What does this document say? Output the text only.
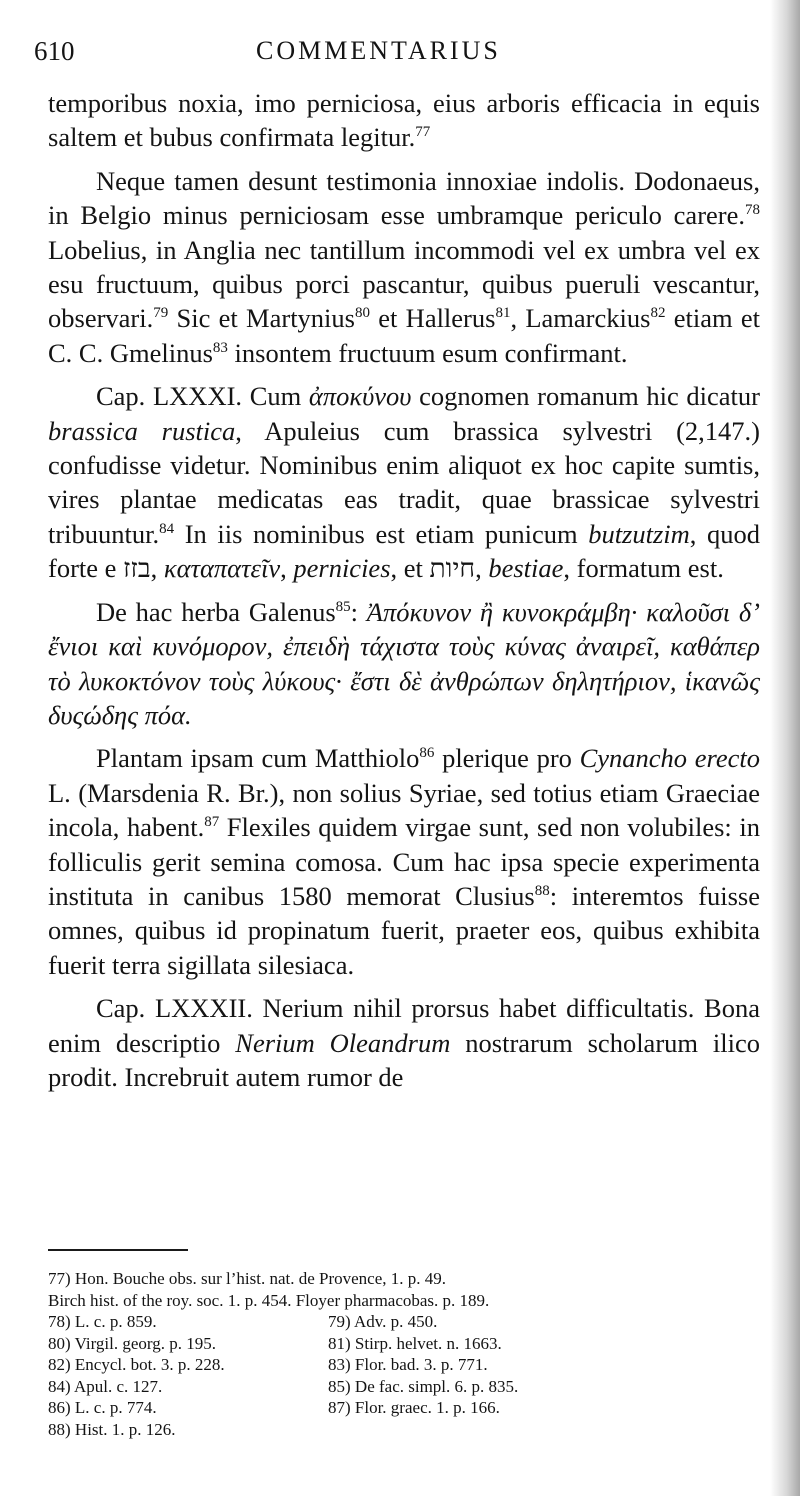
610	COMMENTARIUS

temporibus noxia, imo perniciosa, eius arboris efficacia in equis saltem et bubus confirmata legitur.$^{77}$

Neque tamen desunt testimonia innoxiae indolis. Dodonaeus, in Belgio minus perniciosam esse umbramque periculo carere.$^{78}$ Lobelius, in Anglia nec tantillum incommodi vel ex umbra vel ex esu fructuum, quibus porci pascantur, quibus pueruli vescantur, observari.$^{79}$ Sic et Martynius$^{80}$ et Hallerus$^{81}$, Lamarckius$^{82}$ etiam et C. C. Gmelinus$^{83}$ insontem fructuum esum confirmant.

Cap. LXXXI. Cum ἀποκύνου cognomen romanum hic dicatur brassica rustica, Apuleius cum brassica sylvestri (2,147.) confudisse videtur. Nominibus enim aliquot ex hoc capite sumtis, vires plantae medicatas eas tradit, quae brassicae sylvestri tribuuntur.$^{84}$ In iis nominibus est etiam punicum butzutzim, quod forte e בזז, καταπατεῖν, pernicies, et חיות, bestiae, formatum est.

De hac herba Galenus$^{85}$: Ἀπόκυνον ἢ κυνοκράμβη· καλοῦσι δ’ ἔνιοι καὶ κυνόμορον, ἐπειδὴ τάχιστα τοὺς κύνας ἀναιρεῖ, καθάπερ τὸ λυκοκτόνον τοὺς λύκους· ἔστι δὲ ἀνθρώπων δηλητήριον, ἱκανῶς δυςώδης πόα.

Plantam ipsam cum Matthiolo$^{86}$ plerique pro Cynancho erecto L. (Marsdenia R. Br.), non solius Syriae, sed totius etiam Graeciae incola, habent.$^{87}$ Flexiles quidem virgae sunt, sed non volubiles: in folliculis gerit semina comosa. Cum hac ipsa specie experimenta instituta in canibus 1580 memorat Clusius$^{88}$: interemtos fuisse omnes, quibus id propinatum fuerit, praeter eos, quibus exhibita fuerit terra sigillata silesiaca.

Cap. LXXXII. Nerium nihil prorsus habet difficultatis. Bona enim descriptio Nerium Oleandrum nostrarum scholarum ilico prodit. Increbruit autem rumor de

77) Hon. Bouche obs. sur l’hist. nat. de Provence, 1. p. 49.
Birch hist. of the roy. soc. 1. p. 454. Floyer pharmacobas. p. 189.
78) L. c. p. 859.	79) Adv. p. 450.
80) Virgil. georg. p. 195.	81) Stirp. helvet. n. 1663.
82) Encycl. bot. 3. p. 228.	83) Flor. bad. 3. p. 771.
84) Apul. c. 127.	85) De fac. simpl. 6. p. 835.
86) L. c. p. 774.	87) Flor. graec. 1. p. 166.
88) Hist. 1. p. 126.
